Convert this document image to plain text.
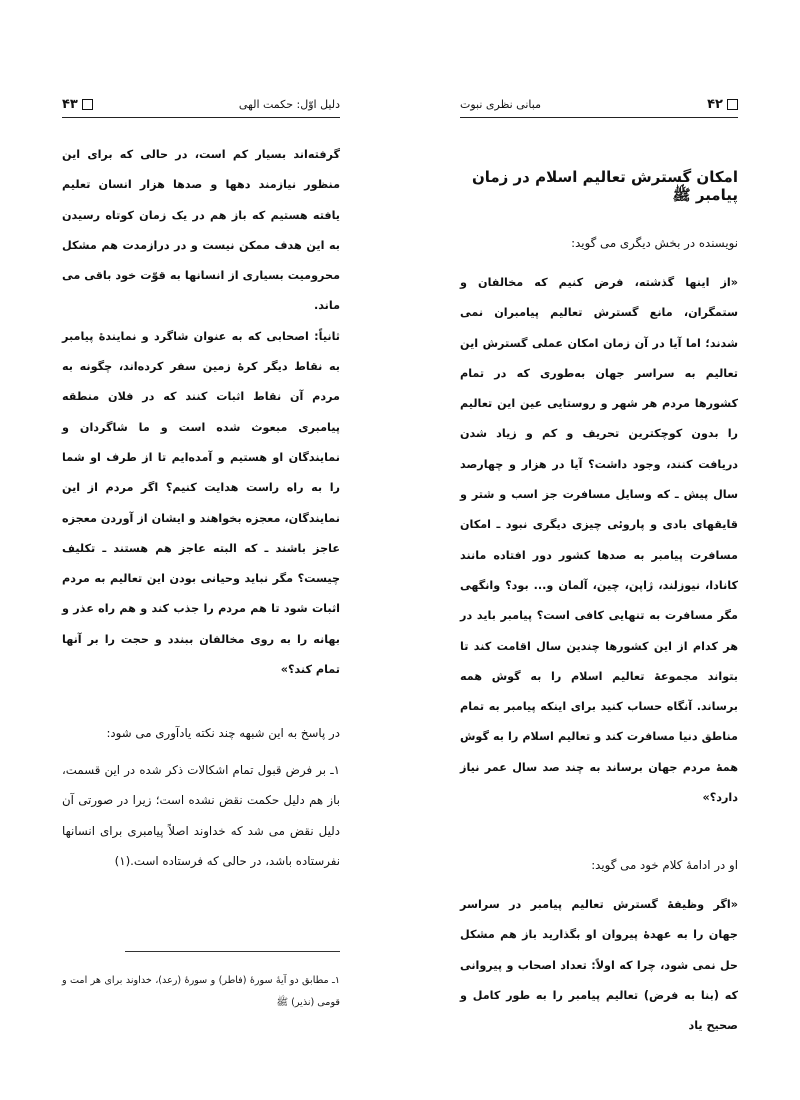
دلیل اوّل: حکمت الهی
۴۳

گرفته‌اند بسیار کم است، در حالی که برای این منظور نیازمند دهها و صدها هزار انسان تعلیم یافته هستیم که باز هم در یک زمان کوتاه رسیدن به این هدف ممکن نیست و در درازمدت هم مشکل محرومیت بسیاری از انسانها به قوّت خود باقی می ماند.
ثانیاً: اصحابی که به عنوان شاگرد و نمایندۀ پیامبر به نقاط دیگر کرۀ زمین سفر کرده‌اند، چگونه به مردم آن نقاط اثبات کنند که در فلان منطقه پیامبری مبعوث شده است و ما شاگردان و نمایندگان او هستیم و آمده‌ایم تا از طرف او شما را به راه راست هدایت کنیم؟ اگر مردم از این نمایندگان، معجزه بخواهند و ایشان از آوردن معجزه عاجز باشند ـ که البته عاجز هم هستند ـ تکلیف چیست؟ مگر نباید وحیانی بودن این تعالیم به مردم اثبات شود تا هم مردم را جذب کند و هم راه عذر و بهانه را به روی مخالفان ببندد و حجت را بر آنها تمام کند؟»

در پاسخ به این شبهه چند نکته یادآوری می شود:

۱ـ بر فرض قبول تمام اشکالات ذکر شده در این قسمت، باز هم دلیل حکمت نقض نشده است؛ زیرا در صورتی آن دلیل نقض می شد که خداوند اصلاً پیامبری برای انسانها نفرستاده باشد، در حالی که فرستاده است.(۱)

۱ـ مطابق دو آیۀ سورۀ (فاطر) و سورۀ (رعد)، خداوند برای هر امت و قومی (نذیر) ﷺ

۴۲
مبانی نظری نبوت
امکان گسترش تعالیم اسلام در زمان پیامبر ﷺ

نویسنده در بخش دیگری می گوید:

«از اینها گذشته، فرض کنیم که مخالفان و ستمگران، مانع گسترش تعالیم پیامبران نمی شدند؛ اما آیا در آن زمان امکان عملی گسترش این تعالیم به سراسر جهان به‌طوری که در تمام کشورها مردم هر شهر و روستایی عین این تعالیم را بدون کوچکترین تحریف و کم و زیاد شدن دریافت کنند، وجود داشت؟ آیا در هزار و چهارصد سال پیش ـ که وسایل مسافرت جز اسب و شتر و قایقهای بادی و پاروئی چیزی دیگری نبود ـ امکان مسافرت پیامبر به صدها کشور دور افتاده مانند کانادا، نیوزلند، ژاپن، چین، آلمان و... بود؟ وانگهی مگر مسافرت به تنهایی کافی است؟ پیامبر باید در هر کدام از این کشورها چندین سال اقامت کند تا بتواند مجموعۀ تعالیم اسلام را به گوش همه برساند. آنگاه حساب کنید برای اینکه پیامبر به تمام مناطق دنیا مسافرت کند و تعالیم اسلام را به گوش همۀ مردم جهان برساند به چند صد سال عمر نیاز دارد؟»

او در ادامۀ کلام خود می گوید:

«اگر وظیفۀ گسترش تعالیم پیامبر در سراسر جهان را به عهدۀ پیروان او بگذارید باز هم مشکل حل نمی شود، چرا که اولاً: تعداد اصحاب و پیروانی که (بنا به فرض) تعالیم پیامبر را به طور کامل و صحیح یاد
